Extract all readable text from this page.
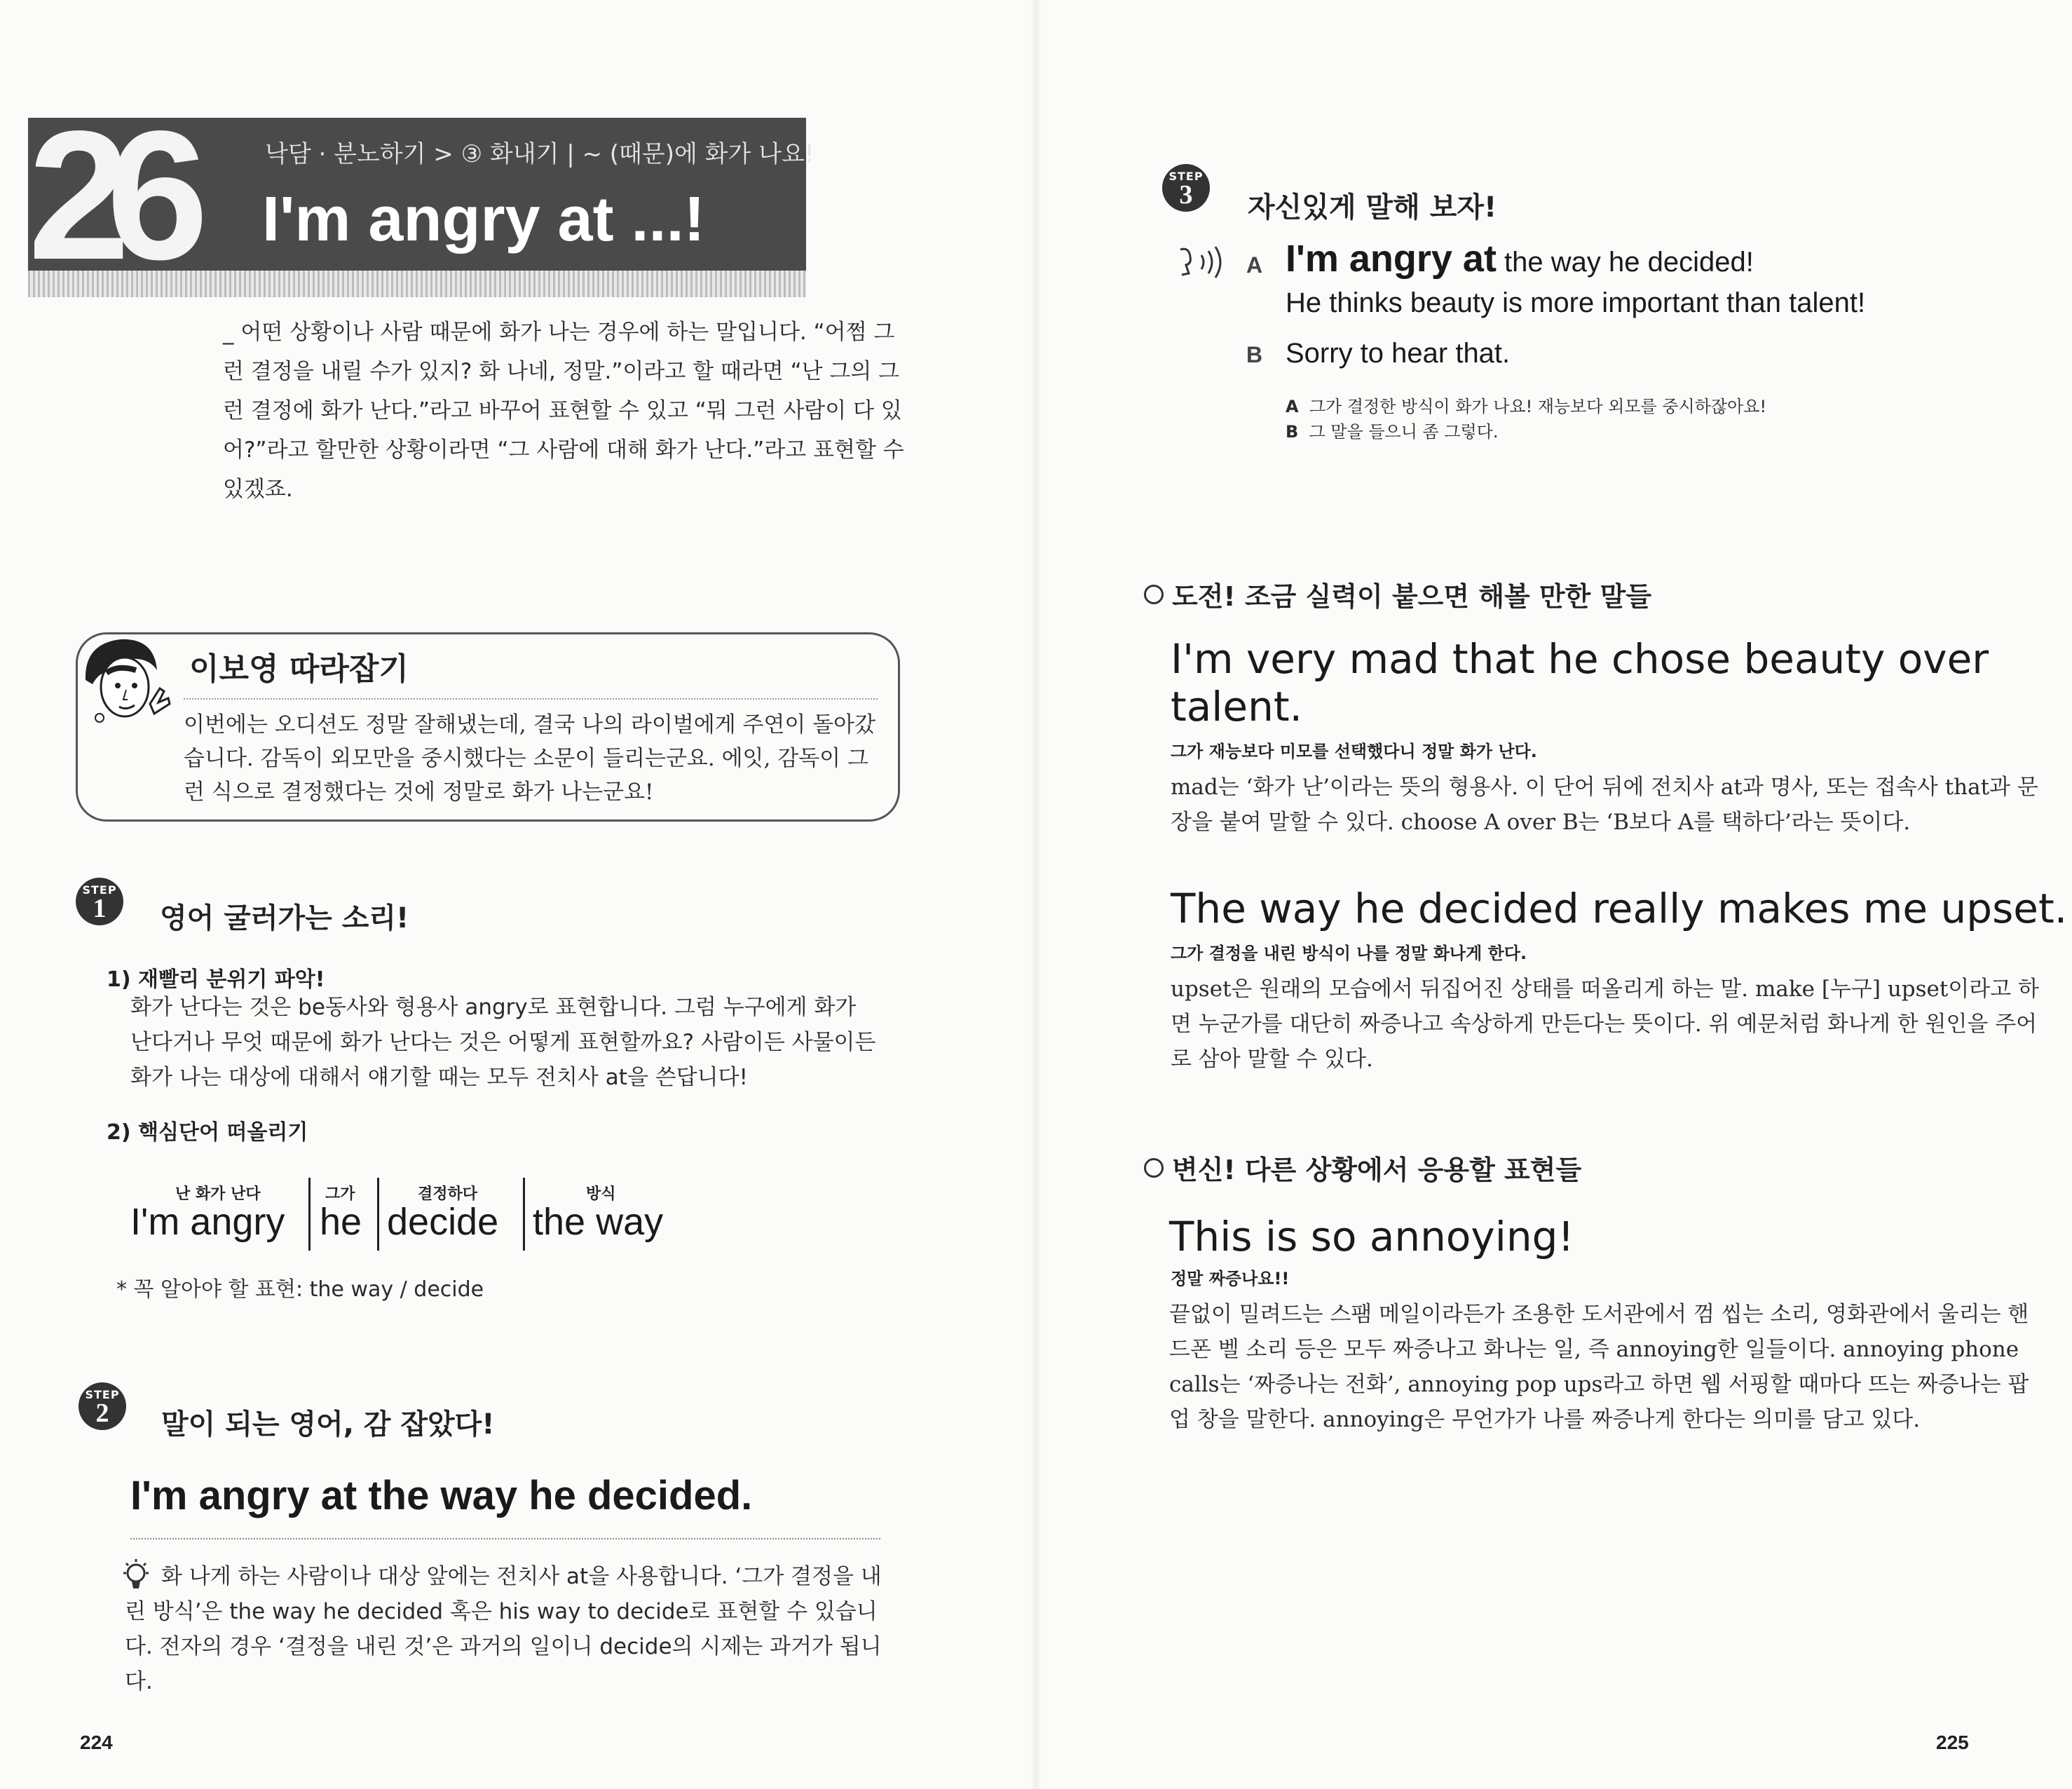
26	낙담 · 분노하기 > ③ 화내기 | ~ (때문)에 화가 나요!
I'm angry at ...!
_ 어떤 상황이나 사람 때문에 화가 나는 경우에 하는 말입니다. “어쩜 그런 결정을 내릴 수가 있지? 화 나네, 정말.”이라고 할 때라면 “난 그의 그런 결정에 화가 난다.”라고 바꾸어 표현할 수 있고 “뭐 그런 사람이 다 있어?”라고 할만한 상황이라면 “그 사람에 대해 화가 난다.”라고 표현할 수 있겠죠.
이보영 따라잡기
이번에는 오디션도 정말 잘해냈는데, 결국 나의 라이벌에게 주연이 돌아갔습니다. 감독이 외모만을 중시했다는 소문이 들리는군요. 에잇, 감독이 그런 식으로 결정했다는 것에 정말로 화가 나는군요!
STEP
1	영어 굴러가는 소리!
1) 재빨리 분위기 파악!
화가 난다는 것은 be동사와 형용사 angry로 표현합니다. 그럼 누구에게 화가 난다거나 무엇 때문에 화가 난다는 것은 어떻게 표현할까요? 사람이든 사물이든 화가 나는 대상에 대해서 얘기할 때는 모두 전치사 at을 쓴답니다!
2) 핵심단어 떠올리기
난 화가 난다
I'm angry
그가
he
결정하다
decide
방식
the way
* 꼭 알아야 할 표현: the way / decide
STEP
2	말이 되는 영어, 감 잡았다!
I'm angry at the way he decided.
화 나게 하는 사람이나 대상 앞에는 전치사 at을 사용합니다. ‘그가 결정을 내린 방식’은 the way he decided 혹은 his way to decide로 표현할 수 있습니다. 전자의 경우 ‘결정을 내린 것’은 과거의 일이니 decide의 시제는 과거가 됩니다.
224
STEP
3	자신있게 말해 보자!
A I'm angry at the way he decided!
He thinks beauty is more important than talent!
B Sorry to hear that.
A 그가 결정한 방식이 화가 나요! 재능보다 외모를 중시하잖아요!
B 그 말을 들으니 좀 그렇다.
도전! 조금 실력이 붙으면 해볼 만한 말들
I'm very mad that he chose beauty over talent.
그가 재능보다 미모를 선택했다니 정말 화가 난다.
mad는 ‘화가 난’이라는 뜻의 형용사. 이 단어 뒤에 전치사 at과 명사, 또는 접속사 that과 문장을 붙여 말할 수 있다. choose A over B는 ‘B보다 A를 택하다’라는 뜻이다.
The way he decided really makes me upset.
그가 결정을 내린 방식이 나를 정말 화나게 한다.
upset은 원래의 모습에서 뒤집어진 상태를 떠올리게 하는 말. make [누구] upset이라고 하면 누군가를 대단히 짜증나고 속상하게 만든다는 뜻이다. 위 예문처럼 화나게 한 원인을 주어로 삼아 말할 수 있다.
변신! 다른 상황에서 응용할 표현들
This is so annoying!
정말 짜증나요!!
끝없이 밀려드는 스팸 메일이라든가 조용한 도서관에서 껌 씹는 소리, 영화관에서 울리는 핸드폰 벨 소리 등은 모두 짜증나고 화나는 일, 즉 annoying한 일들이다. annoying phone calls는 ‘짜증나는 전화’, annoying pop ups라고 하면 웹 서핑할 때마다 뜨는 짜증나는 팝업 창을 말한다. annoying은 무언가가 나를 짜증나게 한다는 의미를 담고 있다.
225
